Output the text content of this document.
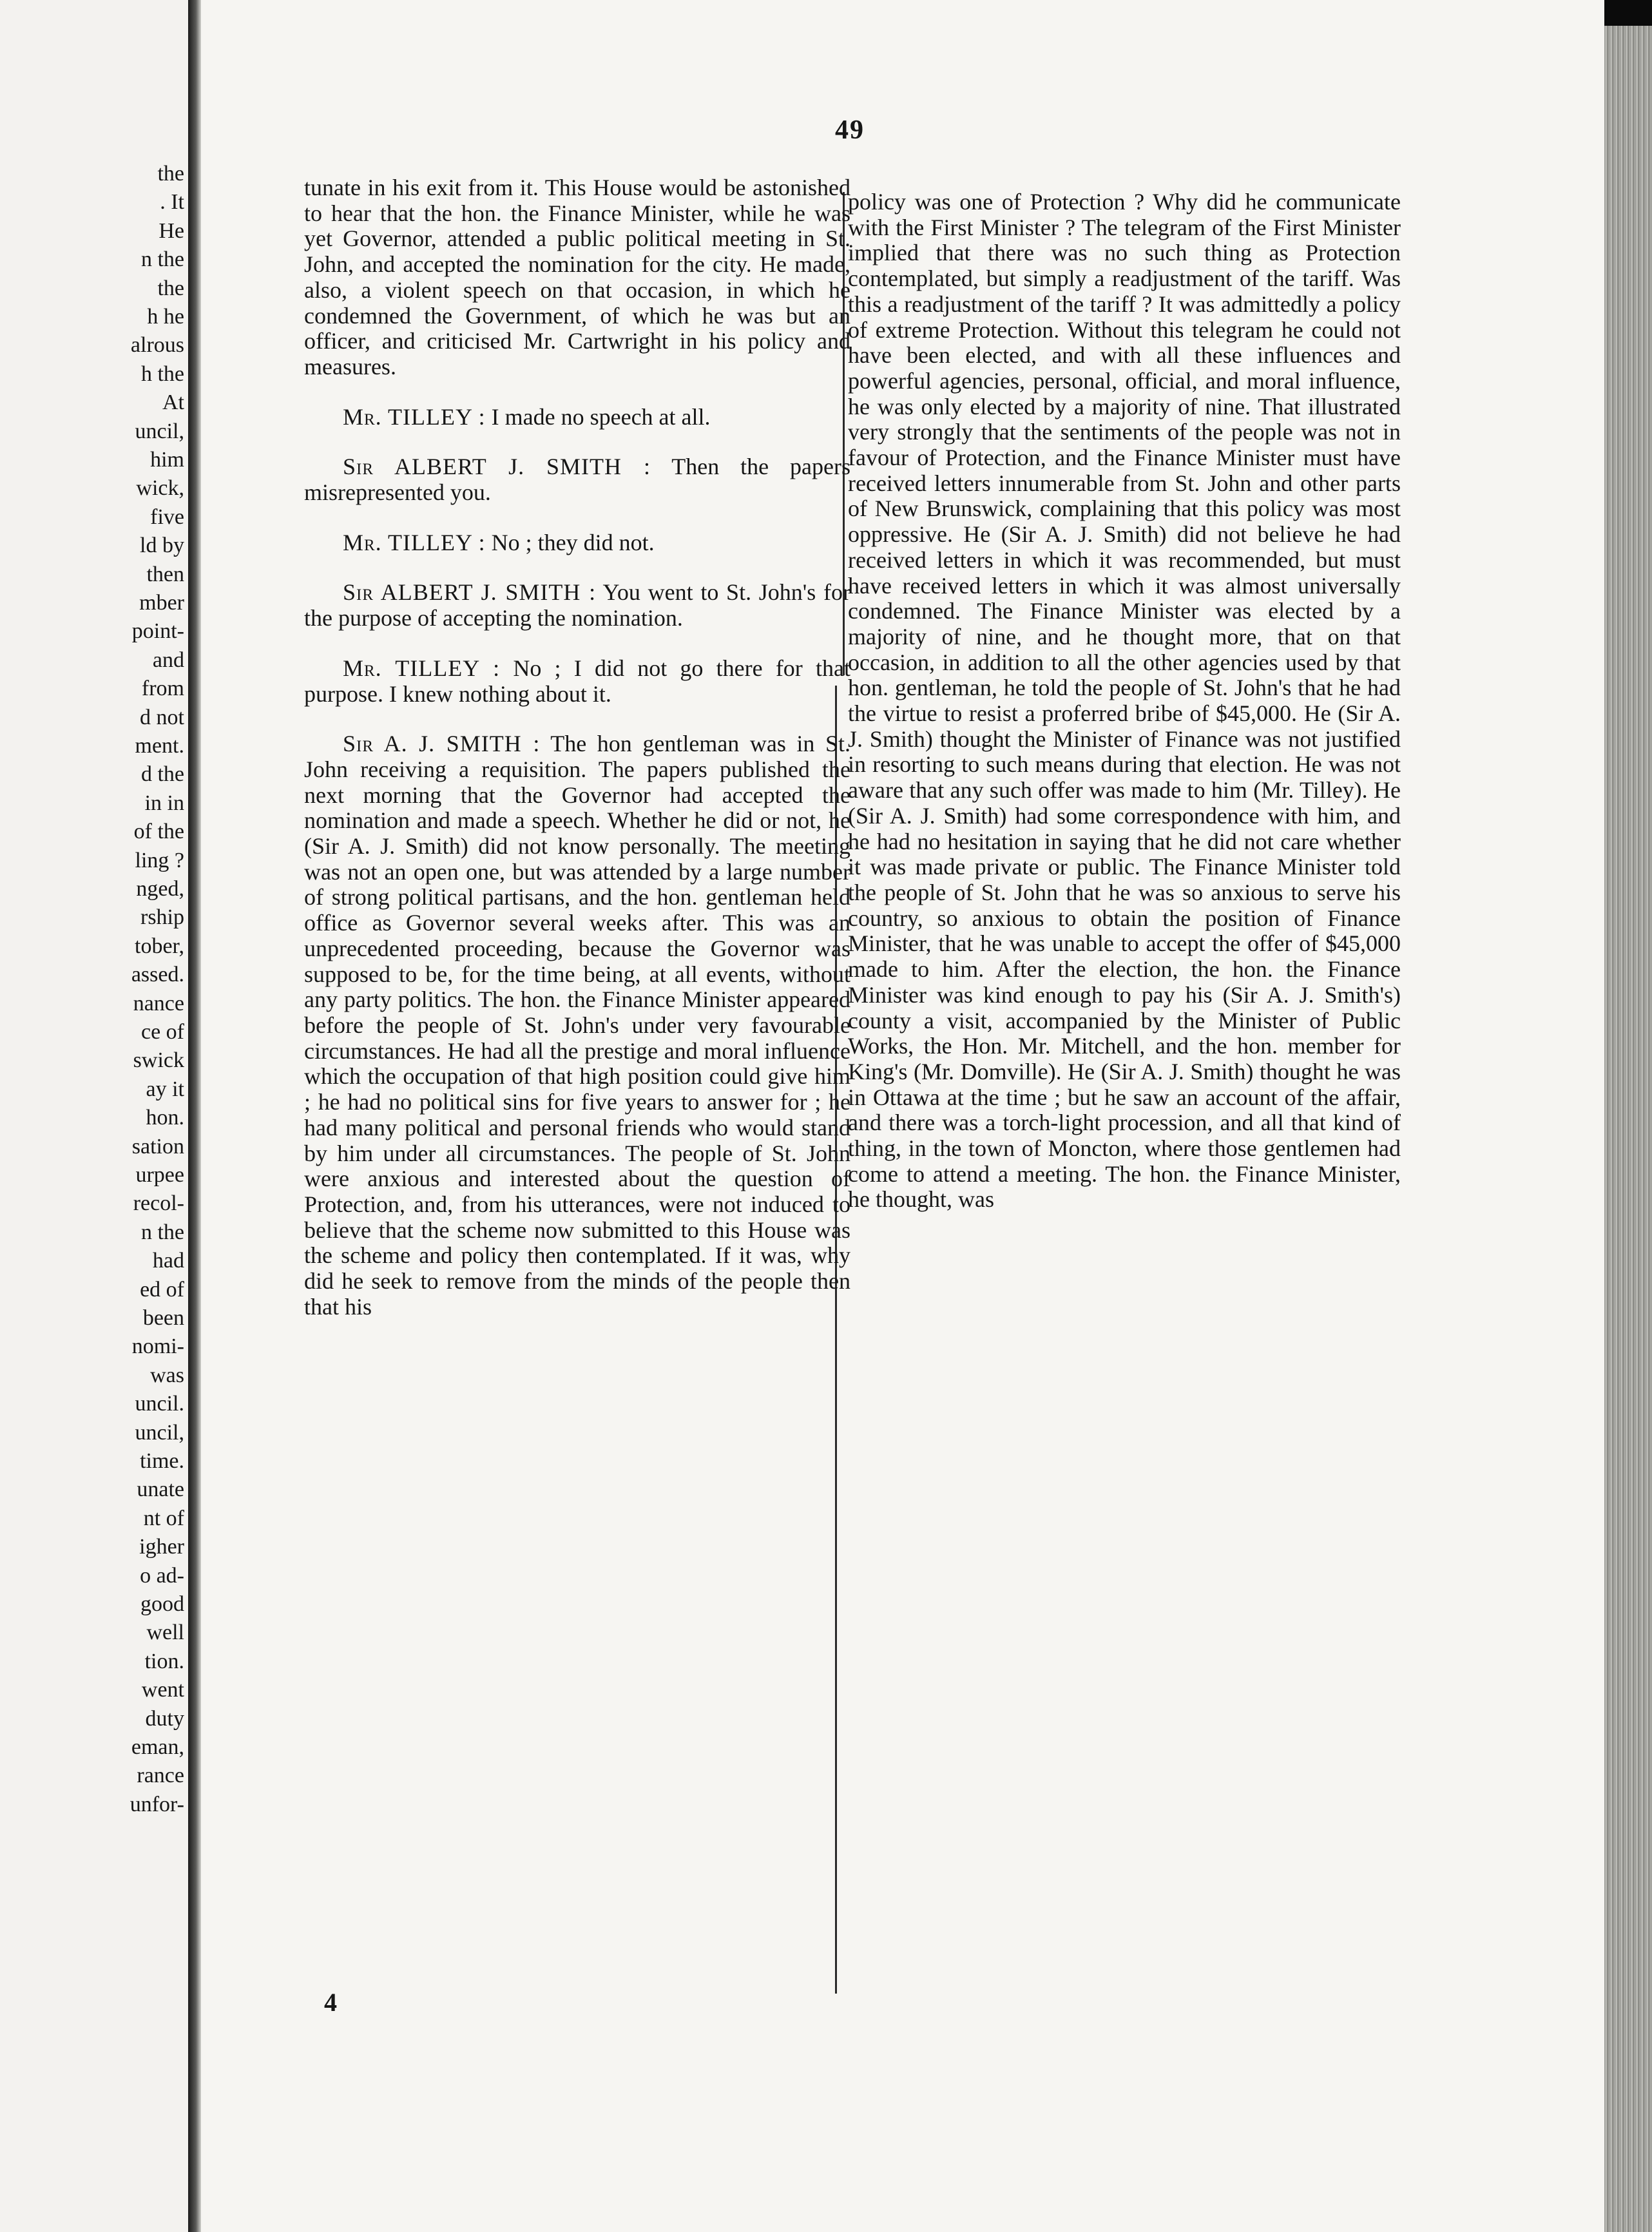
the

. It

He

n the

the

h he

alrous

h the

At

uncil,

him

wick,

five

ld by

then

mber

point-

and

from

d not

ment.

d the

in in

of the

ling ?

nged,

rship

tober,

assed.

nance

ce of

swick

ay it

hon.

sation

urpee

recol-

n the

had

ed of

been

nomi-

was

uncil.

uncil,

time.

unate

nt of

igher

o ad-

good

well

tion.

went

duty

eman,

rance

unfor-

49

tunate in his exit from it. This House would be astonished to hear that the hon. the Finance Minister, while he was yet Governor, attended a public political meeting in St. John, and accepted the nomination for the city. He made, also, a violent speech on that occasion, in which he condemned the Government, of which he was but an officer, and criticised Mr. Cartwright in his policy and measures.

Mr. TILLEY : I made no speech at all.

Sir ALBERT J. SMITH : Then the papers misrepresented you.

Mr. TILLEY : No ; they did not.

Sir ALBERT J. SMITH : You went to St. John's for the purpose of accepting the nomination.

Mr. TILLEY : No ; I did not go there for that purpose. I knew nothing about it.

Sir A. J. SMITH : The hon gentleman was in St. John receiving a requisition. The papers published the next morning that the Governor had accepted the nomination and made a speech. Whether he did or not, he (Sir A. J. Smith) did not know personally. The meeting was not an open one, but was attended by a large number of strong political partisans, and the hon. gentleman held office as Governor several weeks after. This was an unprecedented proceeding, because the Governor was supposed to be, for the time being, at all events, without any party politics. The hon. the Finance Minister appeared before the people of St. John's under very favourable circumstances. He had all the prestige and moral influence which the occupation of that high position could give him ; he had no political sins for five years to answer for ; he had many political and personal friends who would stand by him under all circumstances. The people of St. John were anxious and interested about the question of Protection, and, from his utterances, were not induced to believe that the scheme now submitted to this House was the scheme and policy then contemplated. If it was, why did he seek to remove from the minds of the people then that his

policy was one of Protection ? Why did he communicate with the First Minister ? The telegram of the First Minister implied that there was no such thing as Protection contemplated, but simply a readjustment of the tariff. Was this a readjustment of the tariff ? It was admittedly a policy of extreme Protection. Without this telegram he could not have been elected, and with all these influences and powerful agencies, personal, official, and moral influence, he was only elected by a majority of nine. That illustrated very strongly that the sentiments of the people was not in favour of Protection, and the Finance Minister must have received letters innumerable from St. John and other parts of New Brunswick, complaining that this policy was most oppressive. He (Sir A. J. Smith) did not believe he had received letters in which it was recommended, but must have received letters in which it was almost universally condemned. The Finance Minister was elected by a majority of nine, and he thought more, that on that occasion, in addition to all the other agencies used by that hon. gentleman, he told the people of St. John's that he had the virtue to resist a proferred bribe of $45,000. He (Sir A. J. Smith) thought the Minister of Finance was not justified in resorting to such means during that election. He was not aware that any such offer was made to him (Mr. Tilley). He (Sir A. J. Smith) had some correspondence with him, and he had no hesitation in saying that he did not care whether it was made private or public. The Finance Minister told the people of St. John that he was so anxious to serve his country, so anxious to obtain the position of Finance Minister, that he was unable to accept the offer of $45,000 made to him. After the election, the hon. the Finance Minister was kind enough to pay his (Sir A. J. Smith's) county a visit, accompanied by the Minister of Public Works, the Hon. Mr. Mitchell, and the hon. member for King's (Mr. Domville). He (Sir A. J. Smith) thought he was in Ottawa at the time ; but he saw an account of the affair, and there was a torch-light procession, and all that kind of thing, in the town of Moncton, where those gentlemen had come to attend a meeting. The hon. the Finance Minister, he thought, was

4
